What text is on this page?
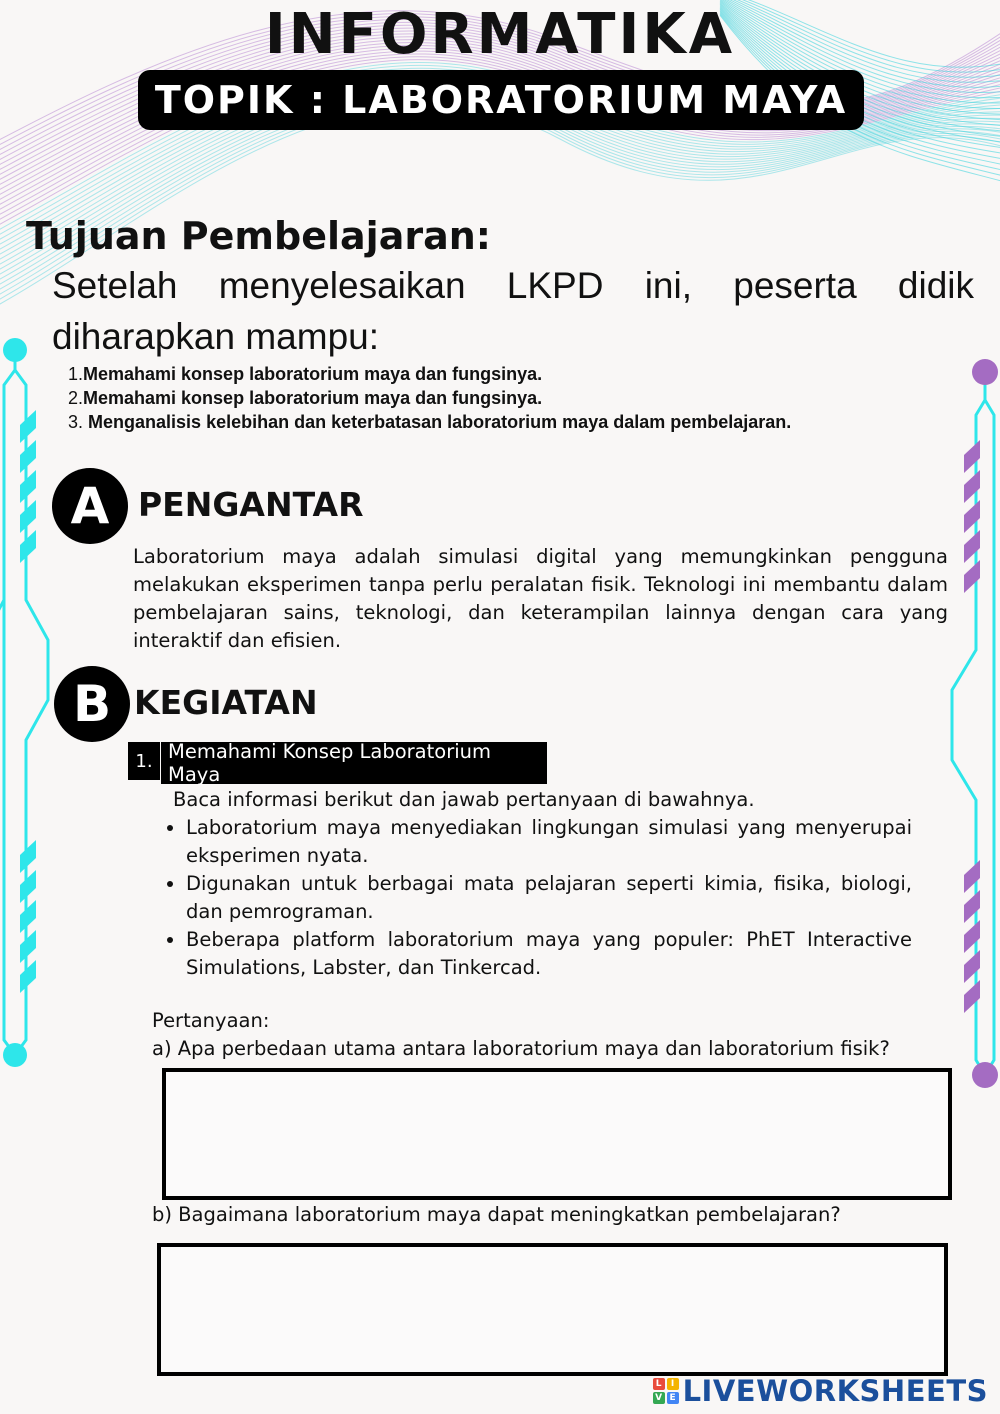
INFORMATIKA
TOPIK : LABORATORIUM MAYA
Tujuan Pembelajaran:
Setelah menyelesaikan LKPD ini, peserta didik diharapkan mampu:
1.Memahami konsep laboratorium maya dan fungsinya.
2.Memahami konsep laboratorium maya dan fungsinya.
3. Menganalisis kelebihan dan keterbatasan laboratorium maya dalam pembelajaran.
A PENGANTAR
Laboratorium maya adalah simulasi digital yang memungkinkan pengguna melakukan eksperimen tanpa perlu peralatan fisik. Teknologi ini membantu dalam pembelajaran sains, teknologi, dan keterampilan lainnya dengan cara yang interaktif dan efisien.
B KEGIATAN
1. Memahami Konsep Laboratorium Maya
Baca informasi berikut dan jawab pertanyaan di bawahnya.
• Laboratorium maya menyediakan lingkungan simulasi yang menyerupai eksperimen nyata.
• Digunakan untuk berbagai mata pelajaran seperti kimia, fisika, biologi, dan pemrograman.
• Beberapa platform laboratorium maya yang populer: PhET Interactive Simulations, Labster, dan Tinkercad.
Pertanyaan:
a) Apa perbedaan utama antara laboratorium maya dan laboratorium fisik?
b) Bagaimana laboratorium maya dapat meningkatkan pembelajaran?
L	I
V E LIVEWORKSHEETS
